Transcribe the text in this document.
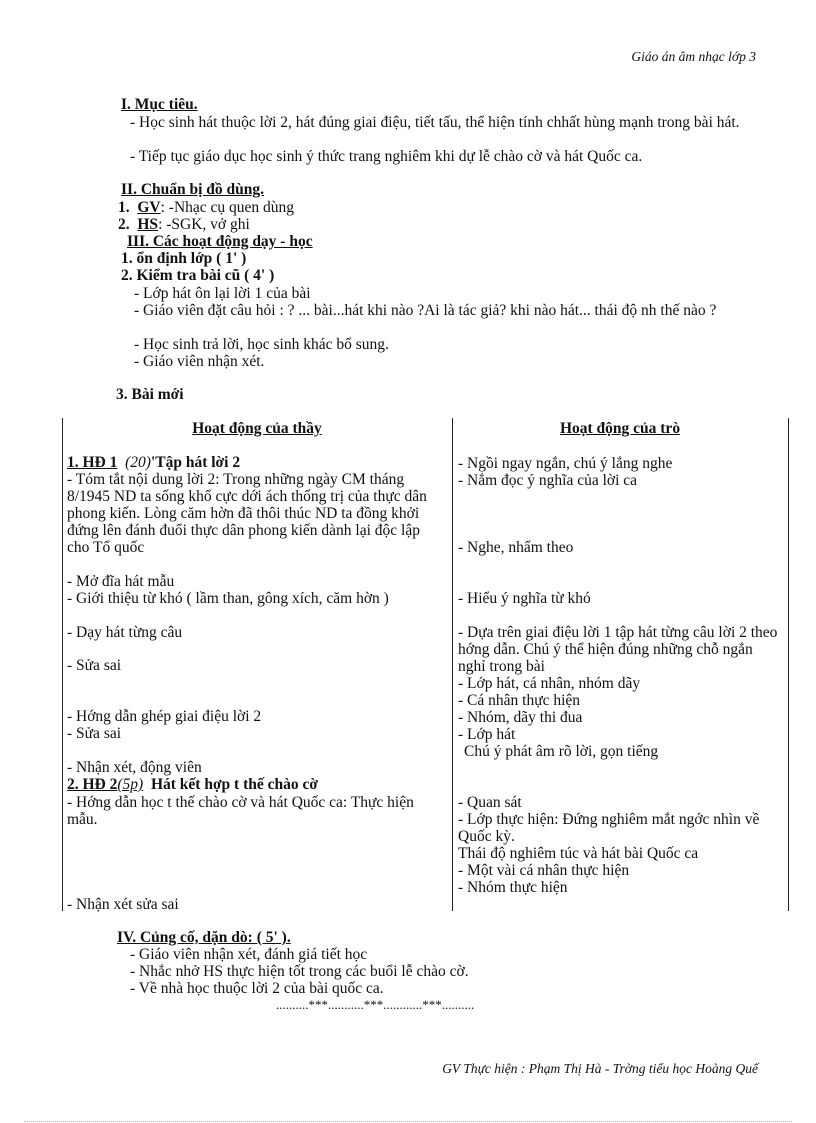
Giáo án âm nhạc lớp 3
I. Mục tiêu.
- Học sinh hát thuộc lời 2, hát đúng giai điệu, tiết tấu, thể hiện tính chhất hùng mạnh trong bài hát.
- Tiếp tục giáo dục học sinh ý thức trang nghiêm khi dự lễ chào cờ và hát Quốc ca.
II. Chuẩn bị đồ dùng.
1. GV: -Nhạc cụ quen dùng
2. HS: -SGK, vở ghi
III. Các hoạt động dạy - học
1. ổn định lớp ( 1' )
2. Kiểm tra bài cũ ( 4' )
- Lớp hát ôn lại lời 1 của bài
- Giáo viên đặt câu hỏi : ? ... bài...hát khi nào ?Ai là tác giả? khi nào hát... thái độ nh thế nào ?
- Học sinh trả lời, học sinh khác bổ sung.
- Giáo viên nhận xét.
3. Bài mới
Hoạt động của thầy	Hoạt động của trò
1. HĐ 1 (20)'Tập hát lời 2
- Tóm tắt nội dung lời 2: Trong những ngày CM tháng 8/1945 ND ta sống khổ cực dới ách thống trị của thực dân phong kiến. Lòng căm hờn đã thôi thúc ND ta đồng khởi đứng lên đánh đuổi thực dân phong kiến dành lại độc lập cho Tổ quốc
- Mở đĩa hát mẫu
- Giới thiệu từ khó ( lầm than, gông xích, căm hờn )
- Dạy hát từng câu
- Sửa sai
- Hớng dẫn ghép giai điệu lời 2
- Sửa sai
- Nhận xét, động viên
2. HĐ 2(5p) Hát kết hợp t thế chào cờ
- Hớng dẫn học t thế chào cờ và hát Quốc ca: Thực hiện mẫu.
- Nhận xét sửa sai
- Ngồi ngay ngắn, chú ý lắng nghe
- Nắm đọc ý nghĩa của lời ca
- Nghe, nhẩm theo
- Hiểu ý nghĩa từ khó
- Dựa trên giai điệu lời 1 tập hát từng câu lời 2 theo hớng dẫn. Chú ý thể hiện đúng những chỗ ngắn nghỉ trong bài
- Lớp hát, cá nhân, nhóm dãy
- Cá nhân thực hiện
- Nhóm, dãy thi đua
- Lớp hát
Chú ý phát âm rõ lời, gọn tiếng
- Quan sát
- Lớp thực hiện: Đứng nghiêm mắt ngớc nhìn về Quốc kỳ.
Thái độ nghiêm túc và hát bài Quốc ca
- Một vài cá nhân thực hiện
- Nhóm thực hiện
IV. Củng cố, dặn dò: ( 5' ).
- Giáo viên nhận xét, đánh giá tiết học
- Nhắc nhở HS thực hiện tốt trong các buổi lễ chào cờ.
- Về nhà học thuộc lời 2 của bài quốc ca.
..........***...........***............***..........
GV Thực hiện : Phạm Thị Hà - Trờng tiểu học Hoàng Quế
